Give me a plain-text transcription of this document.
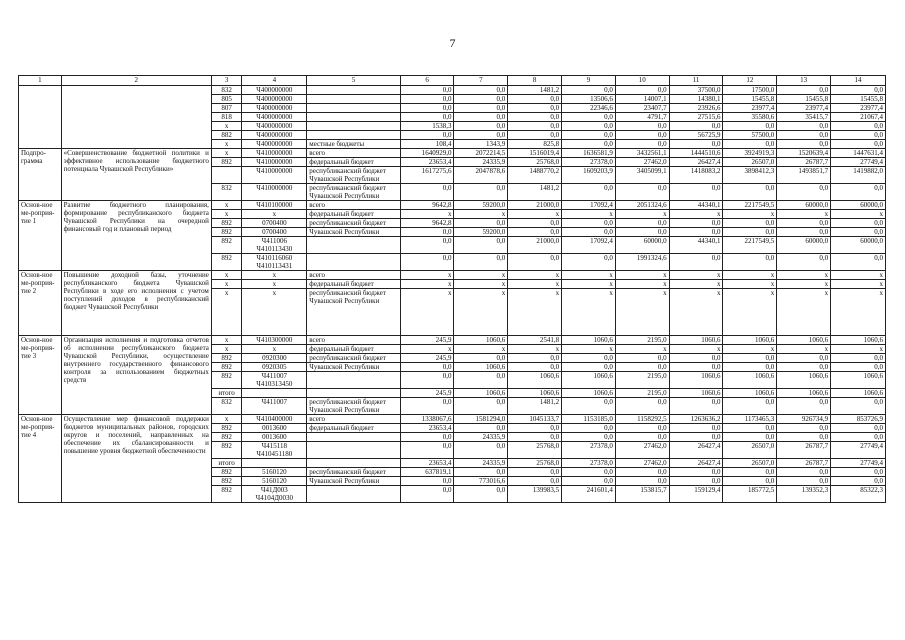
7
1	2	3	4	5	6	7	8	9	10	11	12	13	14
		832	Ч400000000		0,0	0,0	1481,2	0,0	0,0	37500,0	17500,0	0,0	0,0
		805	Ч400000000		0,0	0,0	0,0	13506,6	14007,1	14380,1	15455,8	15455,8	15455,8
		807	Ч400000000		0,0	0,0	0,0	22346,6	23407,7	23926,6	23977,4	23977,4	23977,4
		818	Ч400000000		0,0	0,0	0,0	0,0	4791,7	27515,6	35580,6	35415,7	21067,4
		x	Ч400000000		1538,3	0,0	0,0	0,0	0,0	0,0	0,0	0,0	0,0
		882	Ч400000000		0,0	0,0	0,0	0,0	0,0	56725,9	57500,0	0,0	0,0
		x	Ч400000000	местные бюджеты	108,4	1343,9	825,8	0,0	0,0	0,0	0,0	0,0	0,0
Подпро-грамма	«Совершенствование бюджетной политики и эффективное использование бюджетного потенциала Чувашской Республики»	x	Ч410000000	всего	1640929,0	2072214,5	1516019,4	1636581,9	3432561,1	1444510,6	3924919,3	1520639,4	1447631,4
		892	Ч410000000	федеральный бюджет	23653,4	24335,9	25768,0	27378,0	27462,0	26427,4	26507,0	26787,7	27749,4
			Ч410000000	республиканский бюджет Чувашской Республики	1617275,6	2047878,6	1488770,2	1609203,9	3405099,1	1418083,2	3898412,3	1493851,7	1419882,0
		832	Ч410000000	республиканский бюджет Чувашской Республики	0,0	0,0	1481,2	0,0	0,0	0,0	0,0	0,0	0,0
Основ-ное ме-роприя-тие 1	Развитие бюджетного планирования, формирование республиканского бюджета Чувашской Республики на очередной финансовый год и плановый период	x	Ч410100000	всего	9642,8	59200,0	21000,0	17092,4	2051324,6	44340,1	2217549,5	60000,0	60000,0
		x	x	федеральный бюджет	x	x	x	x	x	x	x	x	x
		892	0700400	республиканский бюджет	9642,8	0,0	0,0	0,0	0,0	0,0	0,0	0,0	0,0
		892	0700400	Чувашской Республики	0,0	59200,0	0,0	0,0	0,0	0,0	0,0	0,0	0,0
		892	Ч411006 Ч410113430		0,0	0,0	21000,0	17092,4	60000,0	44340,1	2217549,5	60000,0	60000,0
		892	Ч410116060 Ч410113431		0,0	0,0	0,0	0,0	1991324,6	0,0	0,0	0,0	0,0
Основ-ное ме-роприя-тие 2	Повышение доходной базы, уточнение республиканского бюджета Чувашской Республики в ходе его исполнения с учетом поступлений доходов в республиканский бюджет Чувашской Республики	x	x	всего	x	x	x	x	x	x	x	x	x
		x	x	федеральный бюджет	x	x	x	x	x	x	x	x	x
		x	x	республиканский бюджет Чувашской Республики	x	x	x	x	x	x	x	x	x
Основ-ное ме-роприя-тие 3	Организация исполнения и подготовка отчетов об исполнении республиканского бюджета Чувашской Республики, осуществление внутреннего государственного финансового контроля за использованием бюджетных средств	x	Ч410300000	всего	245,9	1060,6	2541,8	1060,6	2195,0	1060,6	1060,6	1060,6	1060,6
		x	x	федеральный бюджет	x	x	x	x	x	x	x	x	x
		892	0920300	республиканский бюджет	245,9	0,0	0,0	0,0	0,0	0,0	0,0	0,0	0,0
		892	0920305	Чувашской Республики	0,0	1060,6	0,0	0,0	0,0	0,0	0,0	0,0	0,0
		892	Ч411007 Ч410313450		0,0	0,0	1060,6	1060,6	2195,0	1060,6	1060,6	1060,6	1060,6
		итого			245,9	1060,6	1060,6	1060,6	2195,0	1060,6	1060,6	1060,6	1060,6
		832	Ч411007	республиканский бюджет Чувашской Республики	0,0	0,0	1481,2	0,0	0,0	0,0	0,0	0,0	0,0
Основ-ное ме-роприя-тие 4	Осуществление мер финансовой поддержки бюджетов муниципальных районов, городских округов и поселений, направленных на обеспечение их сбалансированности и повышение уровня бюджетной обеспеченности	x	Ч410400000	всего	1338067,6	1581294,0	1045133,7	1153185,0	1158292,5	1263636,2	1173465,3	926734,9	853726,9
		892	0013600	федеральный бюджет	23653,4	0,0	0,0	0,0	0,0	0,0	0,0	0,0	0,0
		892	0013600		0,0	24335,9	0,0	0,0	0,0	0,0	0,0	0,0	0,0
		892	Ч415118 Ч410451180		0,0	0,0	25768,0	27378,0	27462,0	26427,4	26507,0	26787,7	27749,4
		итого			23653,4	24335,9	25768,0	27378,0	27462,0	26427,4	26507,0	26787,7	27749,4
		892	5160120	республиканский бюджет	637819,1	0,0	0,0	0,0	0,0	0,0	0,0	0,0	0,0
		892	5160120	Чувашской Республики	0,0	773016,6	0,0	0,0	0,0	0,0	0,0	0,0	0,0
		892	Ч41Д003 Ч4104Д0030		0,0	0,0	139983,5	241601,4	153815,7	159129,4	185772,5	139352,3	85322,3
